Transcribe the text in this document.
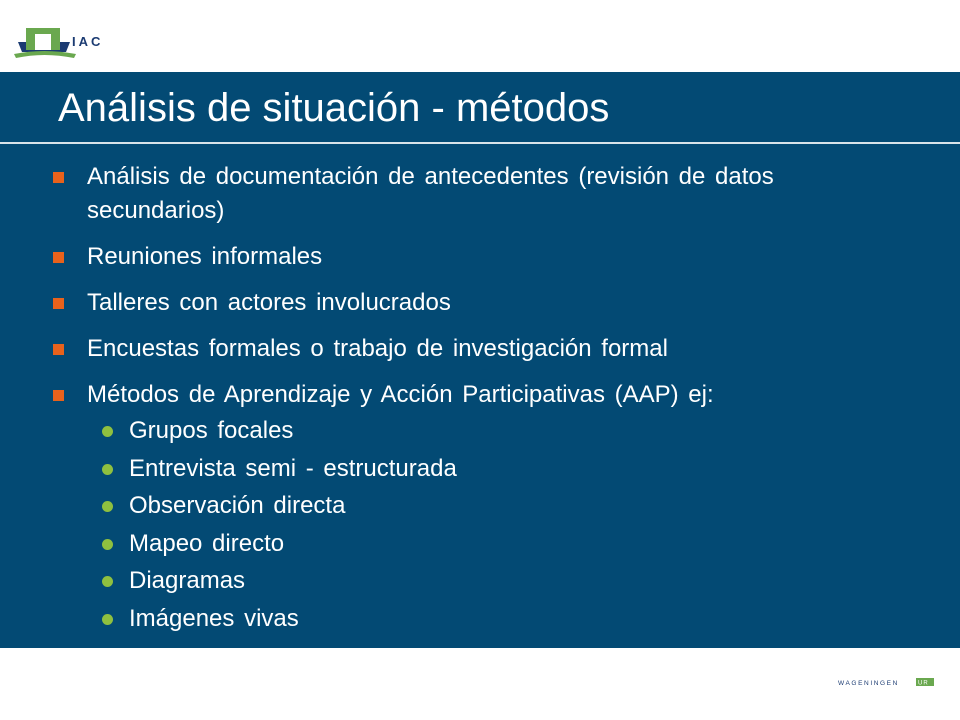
IAC
Análisis de situación - métodos
Análisis de documentación de antecedentes (revisión de datos secundarios)
Reuniones informales
Talleres con actores involucrados
Encuestas formales o trabajo de investigación formal
Métodos de Aprendizaje y Acción Participativas (AAP) ej:
Grupos focales
Entrevista semi - estructurada
Observación directa
Mapeo directo
Diagramas
Imágenes vivas
WAGENINGEN	UR
